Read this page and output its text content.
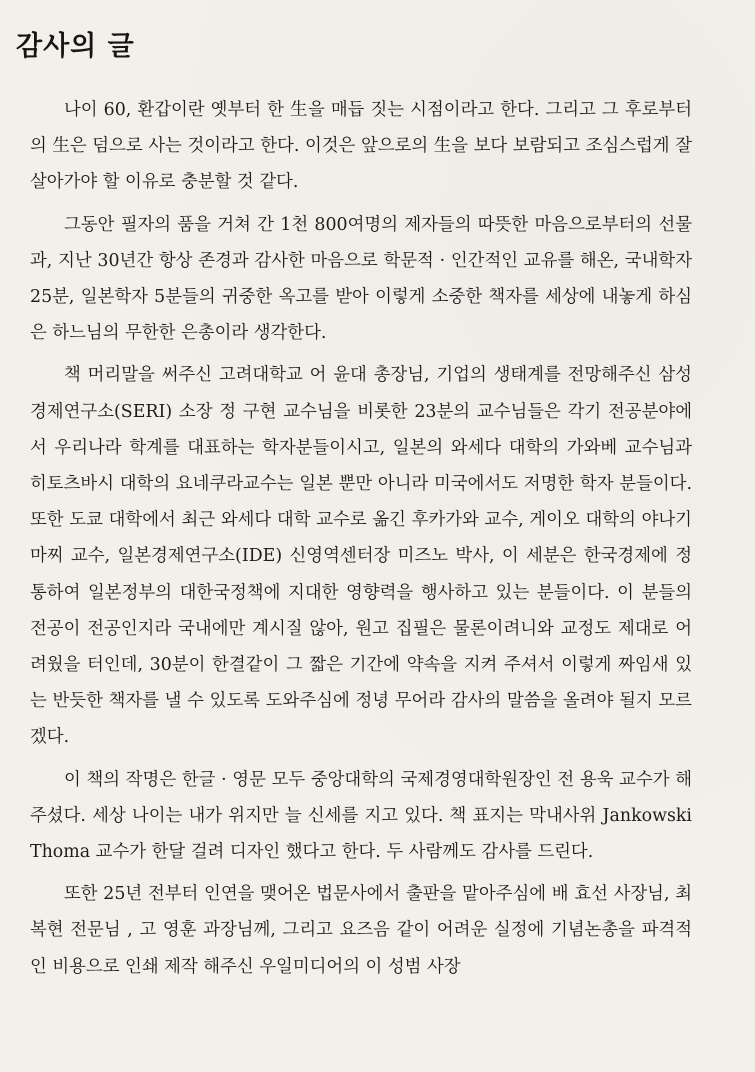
감사의 글

나이 60, 환갑이란 옛부터 한 生을 매듭 짓는 시점이라고 한다. 그리고 그 후로부터의 生은 덤으로 사는 것이라고 한다. 이것은 앞으로의 生을 보다 보람되고 조심스럽게 잘 살아가야 할 이유로 충분할 것 같다.

그동안 필자의 품을 거쳐 간 1천 800여명의 제자들의 따뜻한 마음으로부터의 선물과, 지난 30년간 항상 존경과 감사한 마음으로 학문적 · 인간적인 교유를 해온, 국내학자 25분, 일본학자 5분들의 귀중한 옥고를 받아 이렇게 소중한 책자를 세상에 내놓게 하심은 하느님의 무한한 은총이라 생각한다.

책 머리말을 써주신 고려대학교 어 윤대 총장님, 기업의 생태계를 전망해주신 삼성경제연구소(SERI) 소장 정 구현 교수님을 비롯한 23분의 교수님들은 각기 전공분야에서 우리나라 학계를 대표하는 학자분들이시고, 일본의 와세다 대학의 가와베 교수님과 히토츠바시 대학의 요네쿠라교수는 일본 뿐만 아니라 미국에서도 저명한 학자 분들이다. 또한 도쿄 대학에서 최근 와세다 대학 교수로 옮긴 후카가와 교수, 게이오 대학의 야나기마찌 교수, 일본경제연구소(IDE) 신영역센터장 미즈노 박사, 이 세분은 한국경제에 정통하여 일본정부의 대한국정책에 지대한 영향력을 행사하고 있는 분들이다. 이 분들의 전공이 전공인지라 국내에만 계시질 않아, 원고 집필은 물론이려니와 교정도 제대로 어려웠을 터인데, 30분이 한결같이 그 짧은 기간에 약속을 지켜 주셔서 이렇게 짜임새 있는 반듯한 책자를 낼 수 있도록 도와주심에 정녕 무어라 감사의 말씀을 올려야 될지 모르겠다.

이 책의 작명은 한글 · 영문 모두 중앙대학의 국제경영대학원장인 전 용욱 교수가 해주셨다. 세상 나이는 내가 위지만 늘 신세를 지고 있다. 책 표지는 막내사위 Jankowski Thoma 교수가 한달 걸려 디자인 했다고 한다. 두 사람께도 감사를 드린다.

또한 25년 전부터 인연을 맺어온 법문사에서 출판을 맡아주심에 배 효선 사장님, 최 복현 전문님 , 고 영훈 과장님께, 그리고 요즈음 같이 어려운 실정에 기념논총을 파격적인 비용으로 인쇄 제작 해주신 우일미디어의 이 성범 사장
